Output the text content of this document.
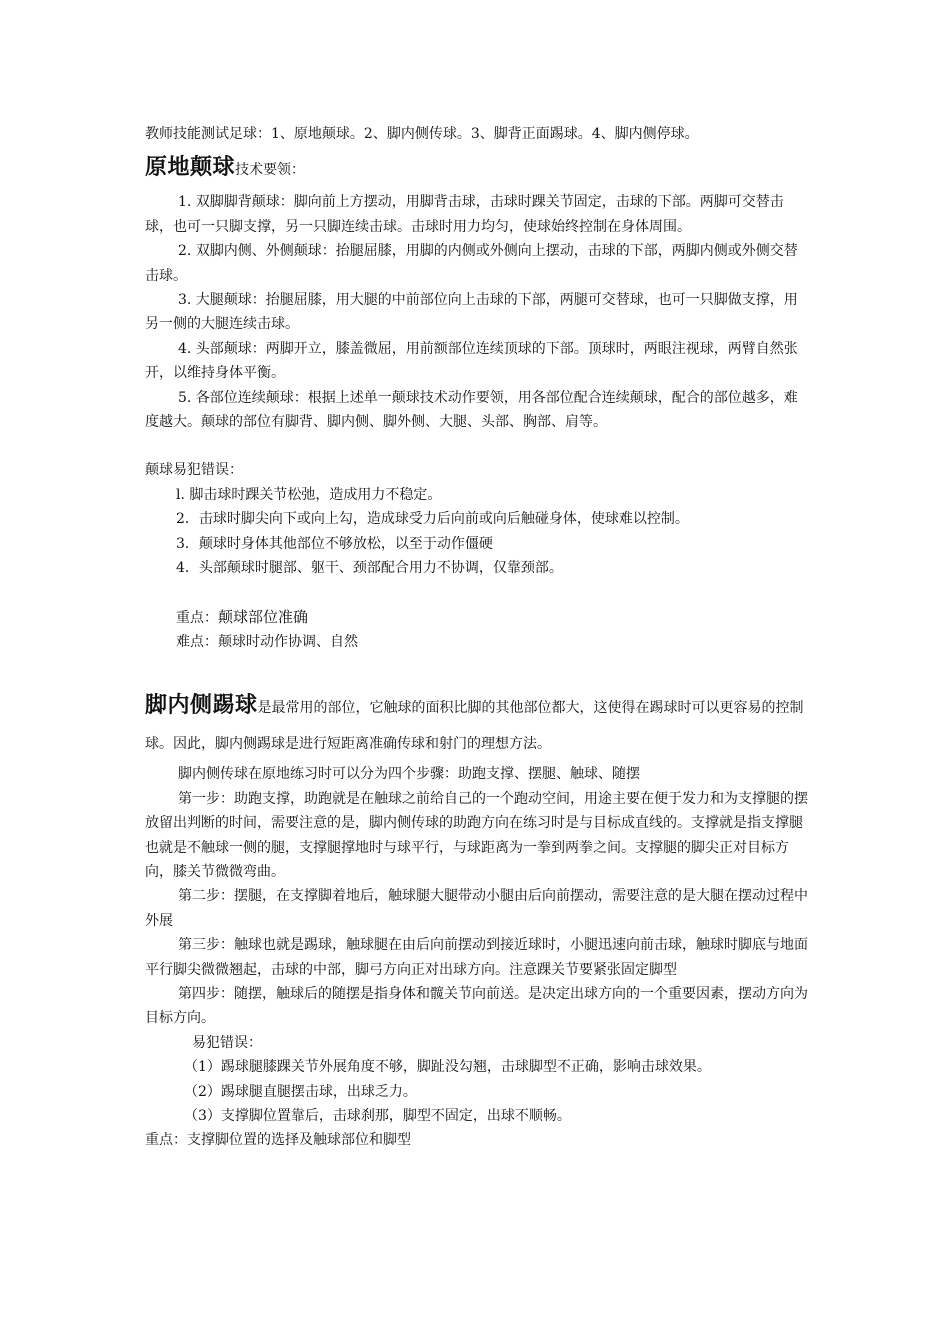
教师技能测试足球：1、原地颠球。2、脚内侧传球。3、脚背正面踢球。4、脚内侧停球。

原地颠球技术要领：

1. 双脚脚背颠球：脚向前上方摆动，用脚背击球，击球时踝关节固定，击球的下部。两脚可交替击球，也可一只脚支撑，另一只脚连续击球。击球时用力均匀，使球始终控制在身体周围。

2. 双脚内侧、外侧颠球：抬腿屈膝，用脚的内侧或外侧向上摆动，击球的下部，两脚内侧或外侧交替击球。

3. 大腿颠球：抬腿屈膝，用大腿的中前部位向上击球的下部，两腿可交替球，也可一只脚做支撑，用另一侧的大腿连续击球。

4. 头部颠球：两脚开立，膝盖微屈，用前额部位连续顶球的下部。顶球时，两眼注视球，两臂自然张开，以维持身体平衡。

5. 各部位连续颠球：根据上述单一颠球技术动作要领，用各部位配合连续颠球，配合的部位越多，难度越大。颠球的部位有脚背、脚内侧、脚外侧、大腿、头部、胸部、肩等。

颠球易犯错误：

l. 脚击球时踝关节松弛，造成用力不稳定。

2．击球时脚尖向下或向上勾，造成球受力后向前或向后触碰身体，使球难以控制。

3．颠球时身体其他部位不够放松，以至于动作僵硬

4．头部颠球时腿部、躯干、颈部配合用力不协调，仅靠颈部。

重点：颠球部位准确

难点：颠球时动作协调、自然

脚内侧踢球是最常用的部位，它触球的面积比脚的其他部位都大，这使得在踢球时可以更容易的控制球。因此，脚内侧踢球是进行短距离准确传球和射门的理想方法。

脚内侧传球在原地练习时可以分为四个步骤：助跑支撑、摆腿、触球、随摆

第一步：助跑支撑，助跑就是在触球之前给自己的一个跑动空间，用途主要在便于发力和为支撑腿的摆放留出判断的时间，需要注意的是，脚内侧传球的助跑方向在练习时是与目标成直线的。支撑就是指支撑腿也就是不触球一侧的腿，支撑腿撑地时与球平行，与球距离为一拳到两拳之间。支撑腿的脚尖正对目标方向，膝关节微微弯曲。

第二步：摆腿，在支撑脚着地后，触球腿大腿带动小腿由后向前摆动，需要注意的是大腿在摆动过程中外展

第三步：触球也就是踢球，触球腿在由后向前摆动到接近球时，小腿迅速向前击球，触球时脚底与地面平行脚尖微微翘起，击球的中部，脚弓方向正对出球方向。注意踝关节要紧张固定脚型

第四步：随摆，触球后的随摆是指身体和髋关节向前送。是决定出球方向的一个重要因素，摆动方向为目标方向。

易犯错误：

（1）踢球腿膝踝关节外展角度不够，脚趾没勾翘，击球脚型不正确，影响击球效果。

（2）踢球腿直腿摆击球，出球乏力。

（3）支撑脚位置靠后，击球刹那，脚型不固定，出球不顺畅。

重点：支撑脚位置的选择及触球部位和脚型
